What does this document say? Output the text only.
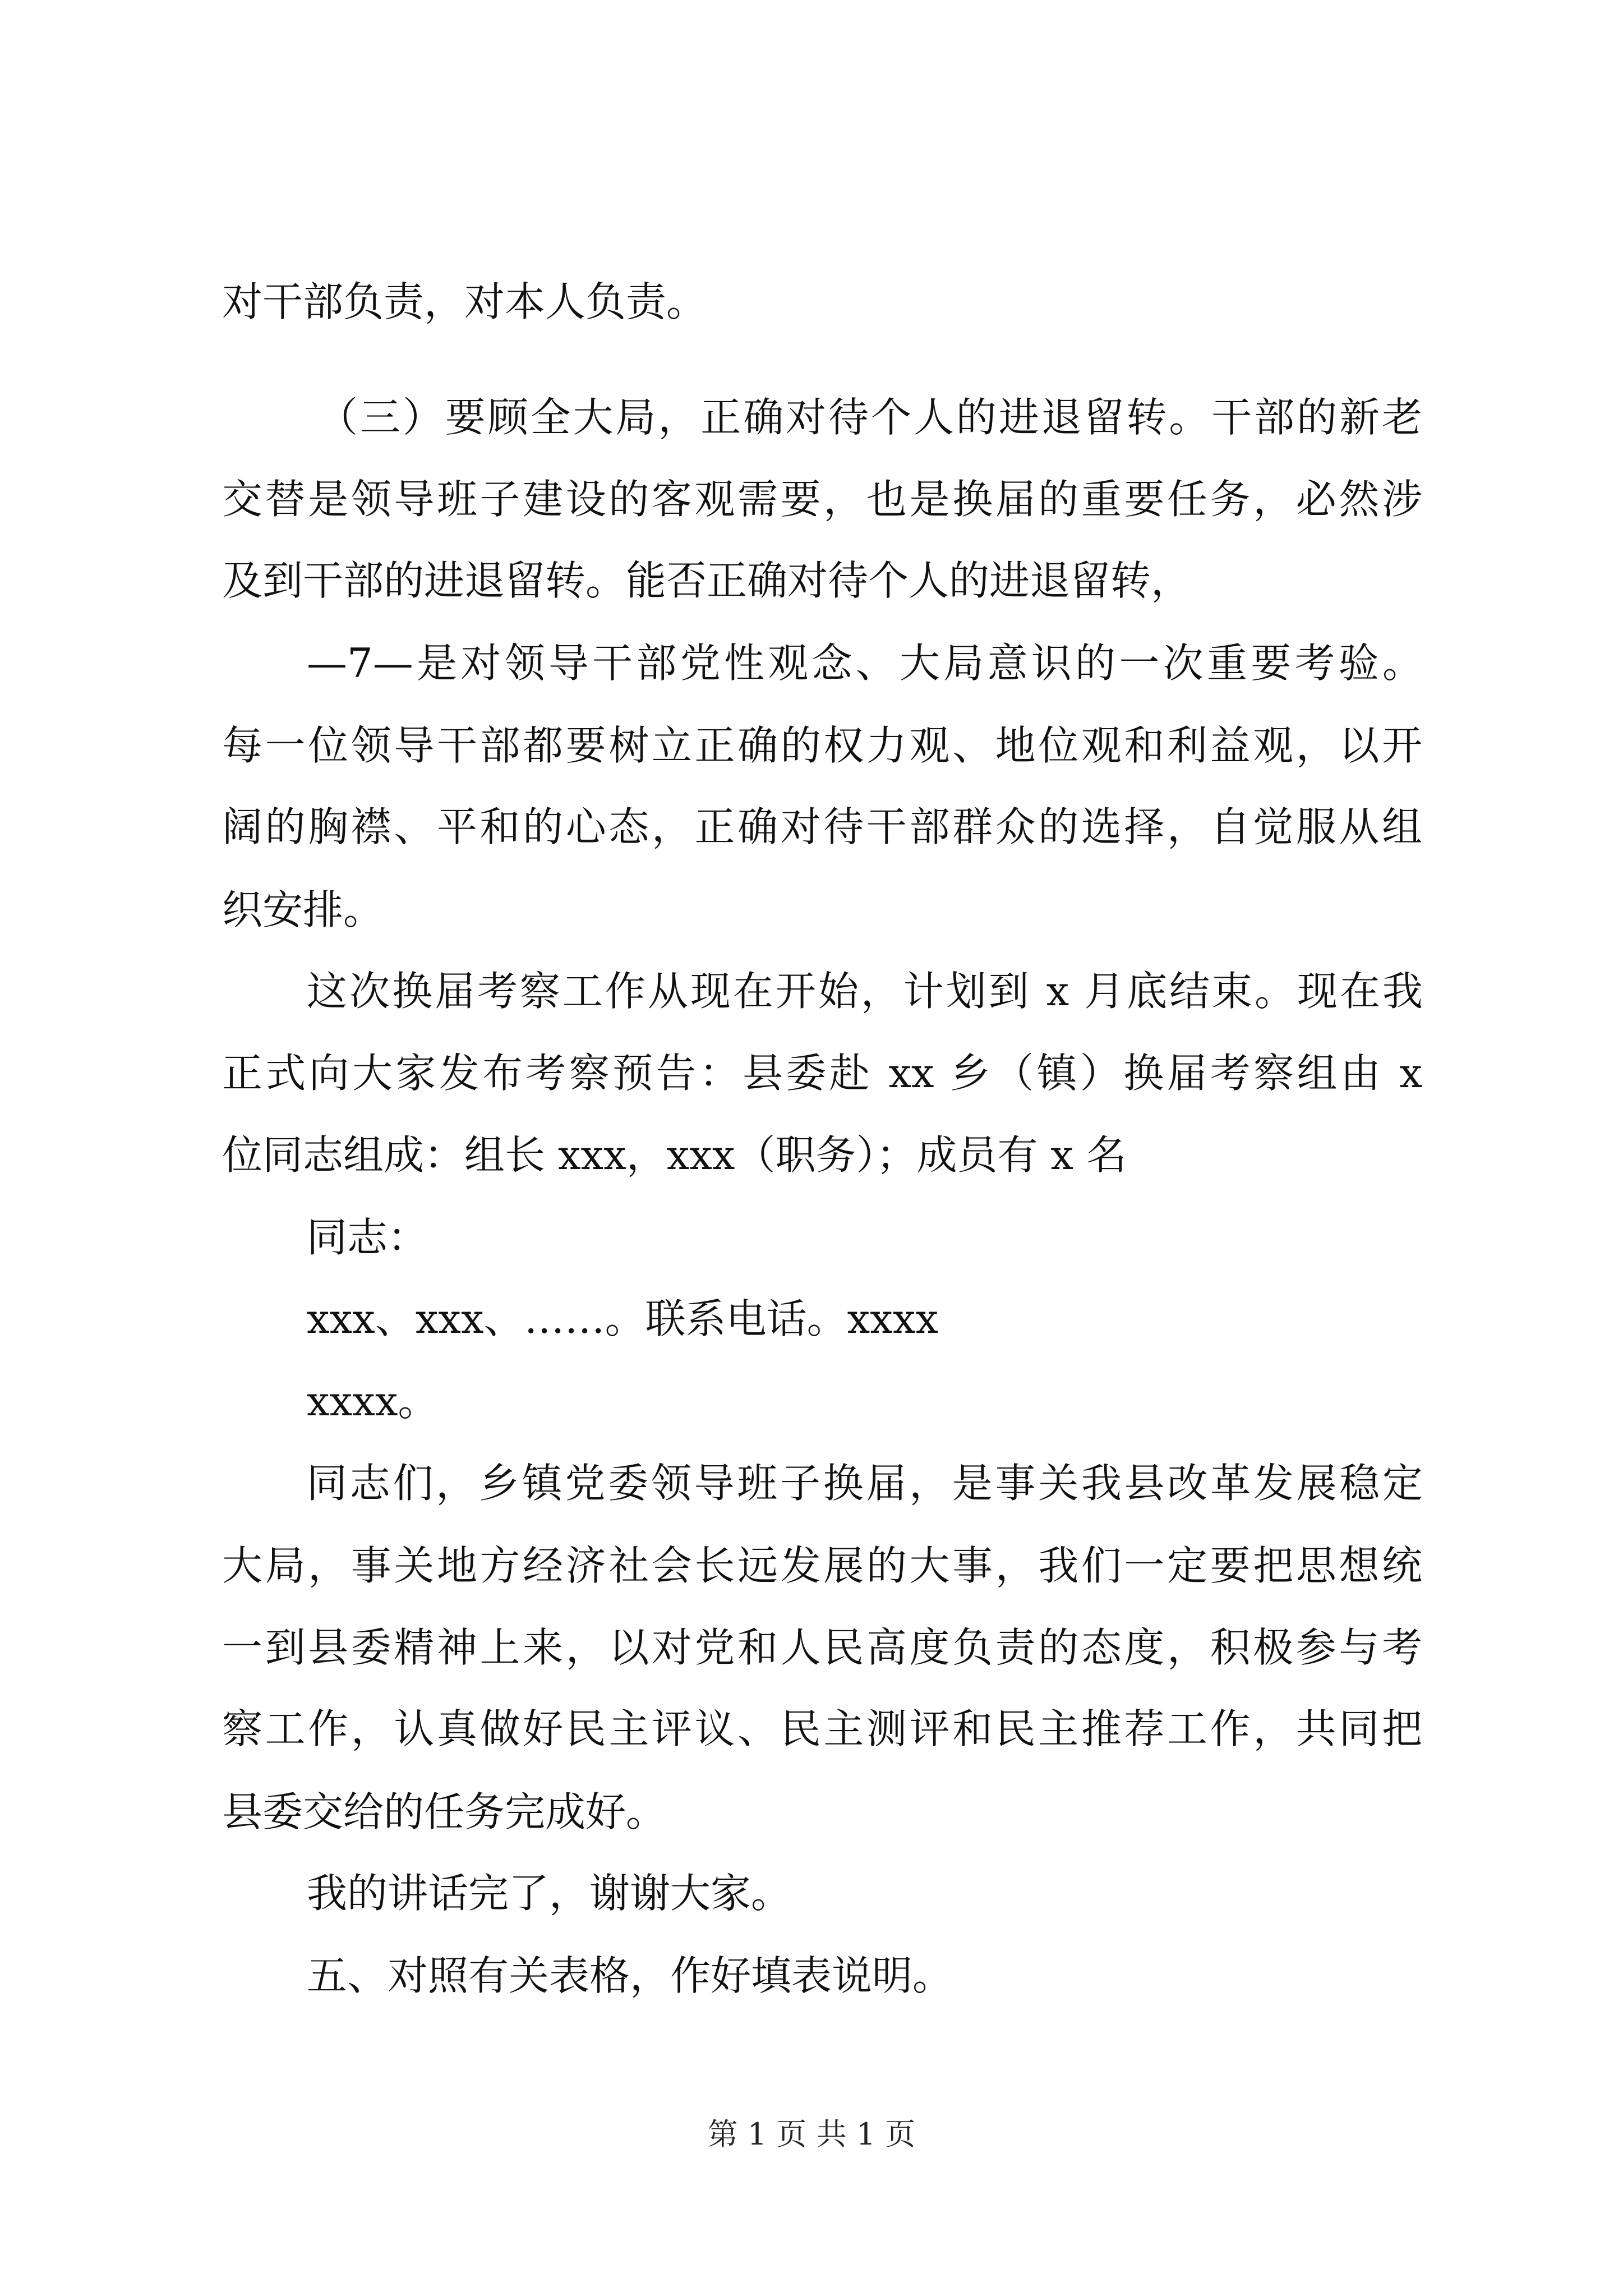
对干部负责，对本人负责。

（三）要顾全大局，正确对待个人的进退留转。干部的新老

交替是领导班子建设的客观需要，也是换届的重要任务，必然涉

及到干部的进退留转。能否正确对待个人的进退留转，

—7—是对领导干部党性观念、大局意识的一次重要考验。

每一位领导干部都要树立正确的权力观、地位观和利益观，以开

阔的胸襟、平和的心态，正确对待干部群众的选择，自觉服从组

织安排。

这次换届考察工作从现在开始，计划到 x 月底结束。现在我

正式向大家发布考察预告：县委赴 xx 乡（镇）换届考察组由 x

位同志组成：组长 xxx，xxx（职务）；成员有 x 名

同志：

xxx、xxx、……。联系电话。xxxx

xxxx。

同志们，乡镇党委领导班子换届，是事关我县改革发展稳定

大局，事关地方经济社会长远发展的大事，我们一定要把思想统

一到县委精神上来，以对党和人民高度负责的态度，积极参与考

察工作，认真做好民主评议、民主测评和民主推荐工作，共同把

县委交给的任务完成好。

我的讲话完了，谢谢大家。

五、对照有关表格，作好填表说明。

第 1 页 共 1 页
